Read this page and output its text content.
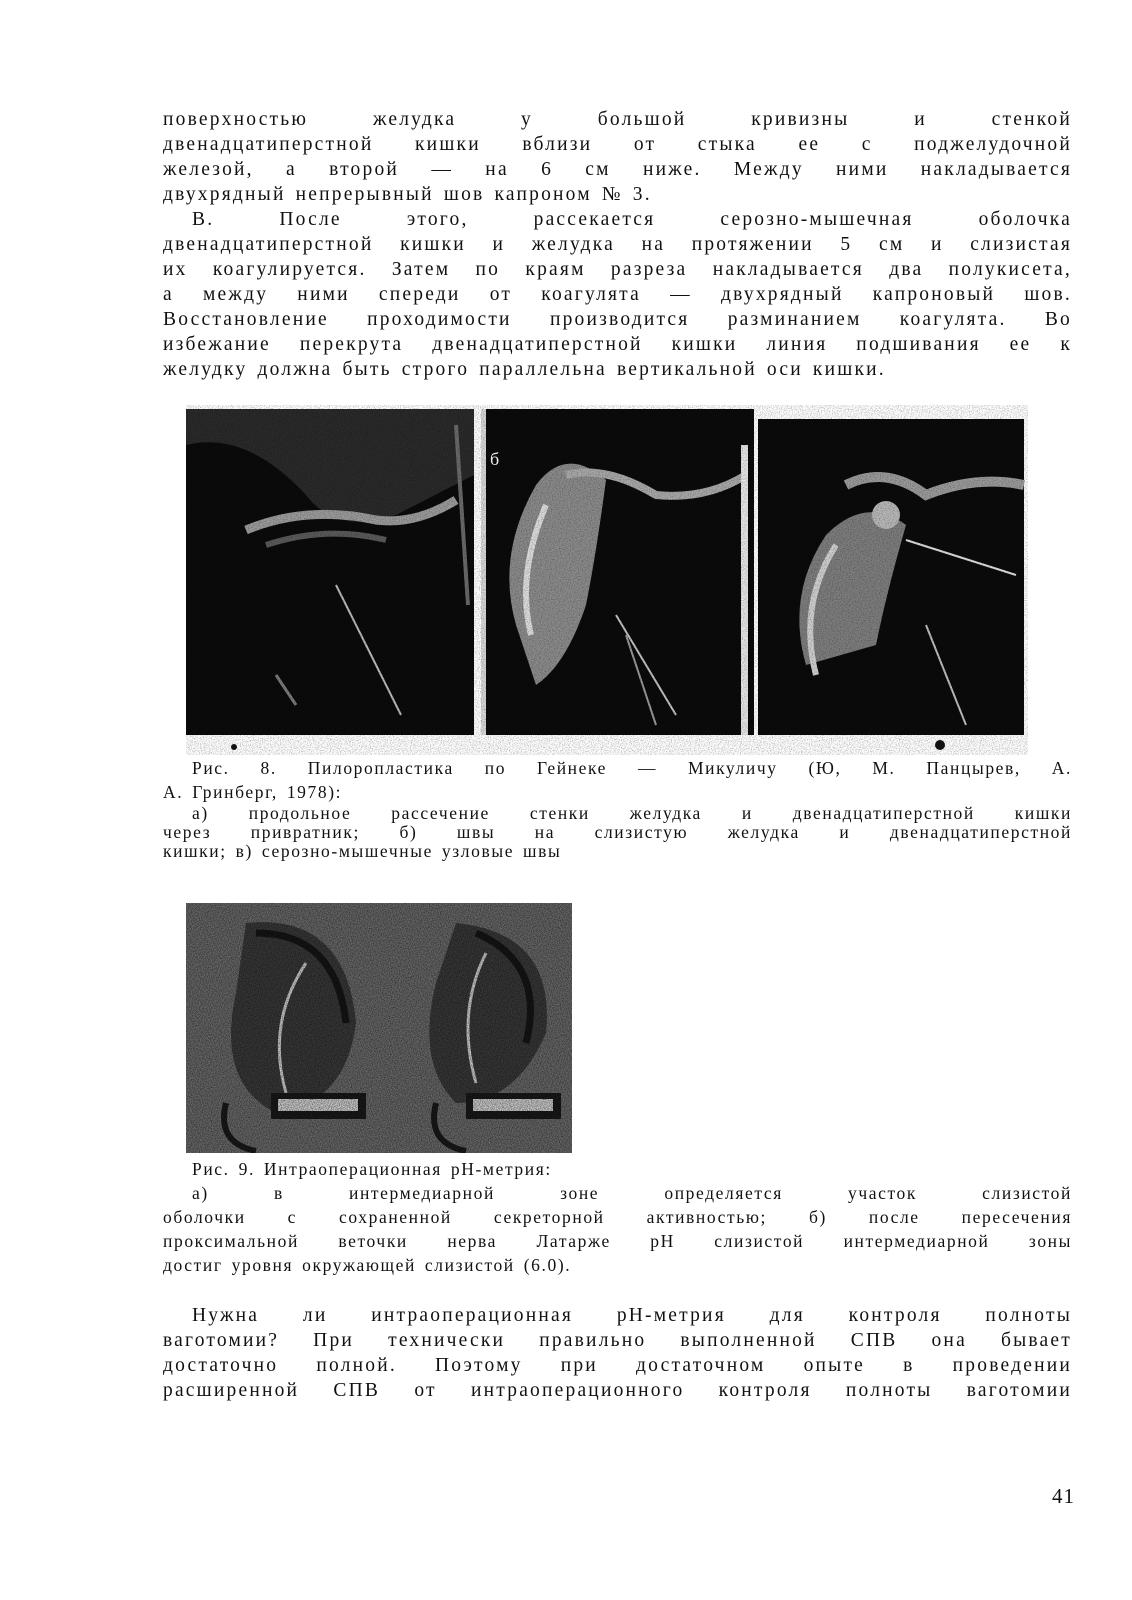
поверхностью желудка у большой кривизны и стенкой
двенадцатиперстной кишки вблизи от стыка ее с поджелудочной
железой, а второй — на 6 см ниже. Между ними накладывается
двухрядный непрерывный шов капроном № 3.
В. После этого, рассекается серозно-мышечная оболочка
двенадцатиперстной кишки и желудка на протяжении 5 см и слизистая
их коагулируется. Затем по краям разреза накладывается два полукисета,
а между ними спереди от коагулята — двухрядный капроновый шов.
Восстановление проходимости производится разминанием коагулята. Во
избежание перекрута двенадцатиперстной кишки линия подшивания ее к
желудку должна быть строго параллельна вертикальной оси кишки.
Рис. 8. Пилоропластика по Гейнеке — Микуличу (Ю, М. Панцырев, А.
А. Гринберг, 1978):
а) продольное рассечение стенки желудка и двенадцатиперстной кишки
через привратник; б) швы на слизистую желудка и двенадцатиперстной
кишки; в) серозно-мышечные узловые швы
Рис. 9. Интраоперационная рН-метрия:
а) в интермедиарной зоне определяется участок слизистой
оболочки с сохраненной секреторной активностью; б) после пересечения
проксимальной веточки нерва Латарже рН слизистой интермедиарной зоны
достиг уровня окружающей слизистой (6.0).
Нужна ли интраоперационная рН-метрия для контроля полноты
ваготомии? При технически правильно выполненной СПВ она бывает
достаточно полной. Поэтому при достаточном опыте в проведении
расширенной СПВ от интраоперационного контроля полноты ваготомии
41
